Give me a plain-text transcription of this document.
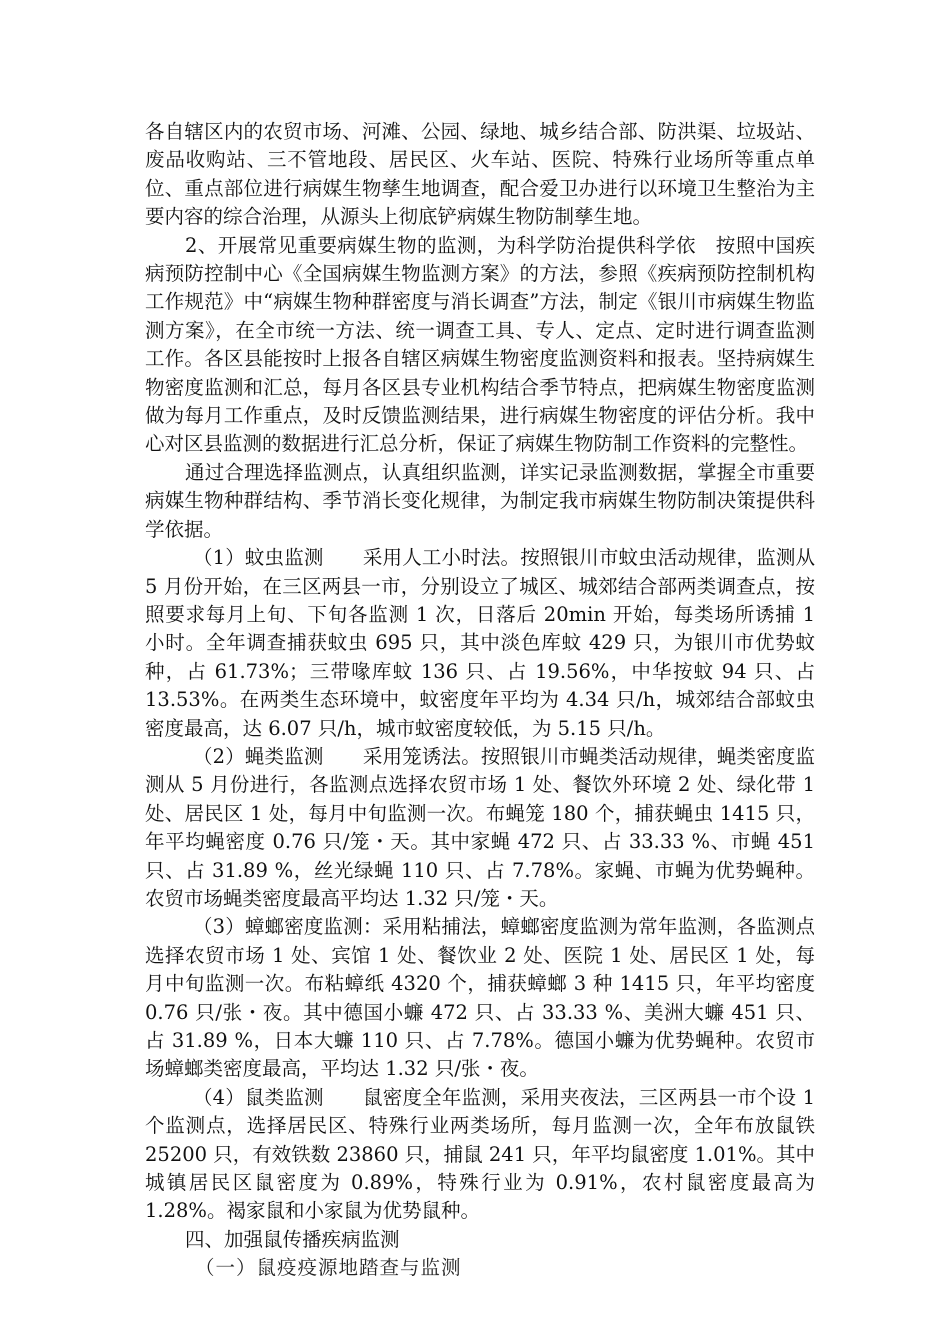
各自辖区内的农贸市场、河滩、公园、绿地、城乡结合部、防洪渠、垃圾站、废品收购站、三不管地段、居民区、火车站、医院、特殊行业场所等重点单位、重点部位进行病媒生物孳生地调查，配合爱卫办进行以环境卫生整治为主要内容的综合治理，从源头上彻底铲病媒生物防制孳生地。

2、开展常见重要病媒生物的监测，为科学防治提供科学依　按照中国疾病预防控制中心《全国病媒生物监测方案》的方法，参照《疾病预防控制机构工作规范》中“病媒生物种群密度与消长调查”方法，制定《银川市病媒生物监测方案》，在全市统一方法、统一调查工具、专人、定点、定时进行调查监测工作。各区县能按时上报各自辖区病媒生物密度监测资料和报表。坚持病媒生物密度监测和汇总，每月各区县专业机构结合季节特点，把病媒生物密度监测做为每月工作重点，及时反馈监测结果，进行病媒生物密度的评估分析。我中心对区县监测的数据进行汇总分析，保证了病媒生物防制工作资料的完整性。

通过合理选择监测点，认真组织监测，详实记录监测数据，掌握全市重要病媒生物种群结构、季节消长变化规律，为制定我市病媒生物防制决策提供科学依据。

（1）蚊虫监测　　采用人工小时法。按照银川市蚊虫活动规律，监测从 5 月份开始，在三区两县一市，分别设立了城区、城郊结合部两类调查点，按照要求每月上旬、下旬各监测 1 次，日落后 20min 开始，每类场所诱捕 1 小时。全年调查捕获蚊虫 695 只，其中淡色库蚊 429 只，为银川市优势蚊种，占 61.73%；三带喙库蚊 136 只、占 19.56%，中华按蚊 94 只、占 13.53%。在两类生态环境中，蚊密度年平均为 4.34 只/h，城郊结合部蚊虫密度最高，达 6.07 只/h，城市蚊密度较低，为 5.15 只/h。

（2）蝇类监测　　采用笼诱法。按照银川市蝇类活动规律，蝇类密度监测从 5 月份进行，各监测点选择农贸市场 1 处、餐饮外环境 2 处、绿化带 1 处、居民区 1 处，每月中旬监测一次。布蝇笼 180 个，捕获蝇虫 1415 只，年平均蝇密度 0.76 只/笼・天。其中家蝇 472 只、占 33.33 %、市蝇 451 只、占 31.89 %，丝光绿蝇 110 只、占 7.78%。家蝇、市蝇为优势蝇种。农贸市场蝇类密度最高平均达 1.32 只/笼・天。

（3）蟑螂密度监测：采用粘捕法，蟑螂密度监测为常年监测，各监测点选择农贸市场 1 处、宾馆 1 处、餐饮业 2 处、医院 1 处、居民区 1 处，每月中旬监测一次。布粘蟑纸 4320 个，捕获蟑螂 3 种 1415 只，年平均密度 0.76 只/张・夜。其中德国小蠊 472 只、占 33.33 %、美洲大蠊 451 只、占 31.89 %，日本大蠊 110 只、占 7.78%。德国小蠊为优势蝇种。农贸市场蟑螂类密度最高，平均达 1.32 只/张・夜。

（4）鼠类监测　　鼠密度全年监测，采用夹夜法，三区两县一市个设 1 个监测点，选择居民区、特殊行业两类场所，每月监测一次，全年布放鼠铁 25200 只，有效铁数 23860 只，捕鼠 241 只，年平均鼠密度 1.01%。其中城镇居民区鼠密度为 0.89%，特殊行业为 0.91%，农村鼠密度最高为 1.28%。褐家鼠和小家鼠为优势鼠种。

四、加强鼠传播疾病监测

（一）鼠疫疫源地踏查与监测
